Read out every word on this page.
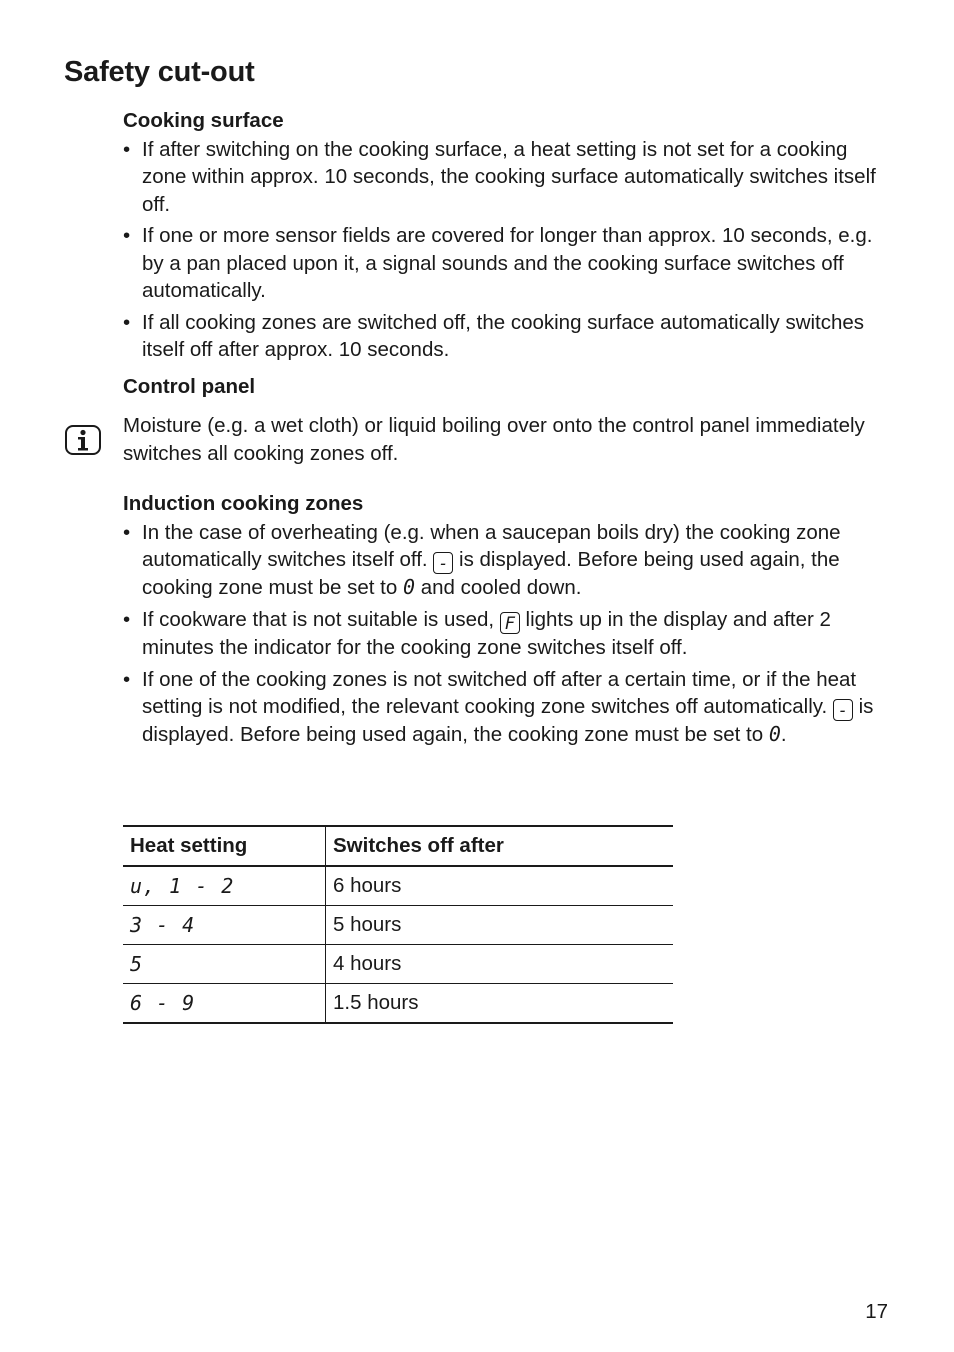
Safety cut-out
Cooking surface
• If after switching on the cooking surface, a heat setting is not set for a cooking zone within approx. 10 seconds, the cooking surface automatically switches itself off.
• If one or more sensor fields are covered for longer than approx. 10 seconds, e.g. by a pan placed upon it, a signal sounds and the cooking surface switches off automatically.
• If all cooking zones are switched off, the cooking surface automatically switches itself off after approx. 10 seconds.
Control panel

Moisture (e.g. a wet cloth) or liquid boiling over onto the control panel immediately switches all cooking zones off.

Induction cooking zones
• In the case of overheating (e.g. when a saucepan boils dry) the cooking zone automatically switches itself off. - is displayed. Before being used again, the cooking zone must be set to 0 and cooled down.
• If cookware that is not suitable is used, F lights up in the display and after 2 minutes the indicator for the cooking zone switches itself off.
• If one of the cooking zones is not switched off after a certain time, or if the heat setting is not modified, the relevant cooking zone switches off automatically. - is displayed. Before being used again, the cooking zone must be set to 0.
Heat setting	Switches off after
u, 1 - 2	6 hours
3 - 4	5 hours
5	4 hours
6 - 9	1.5 hours
17
